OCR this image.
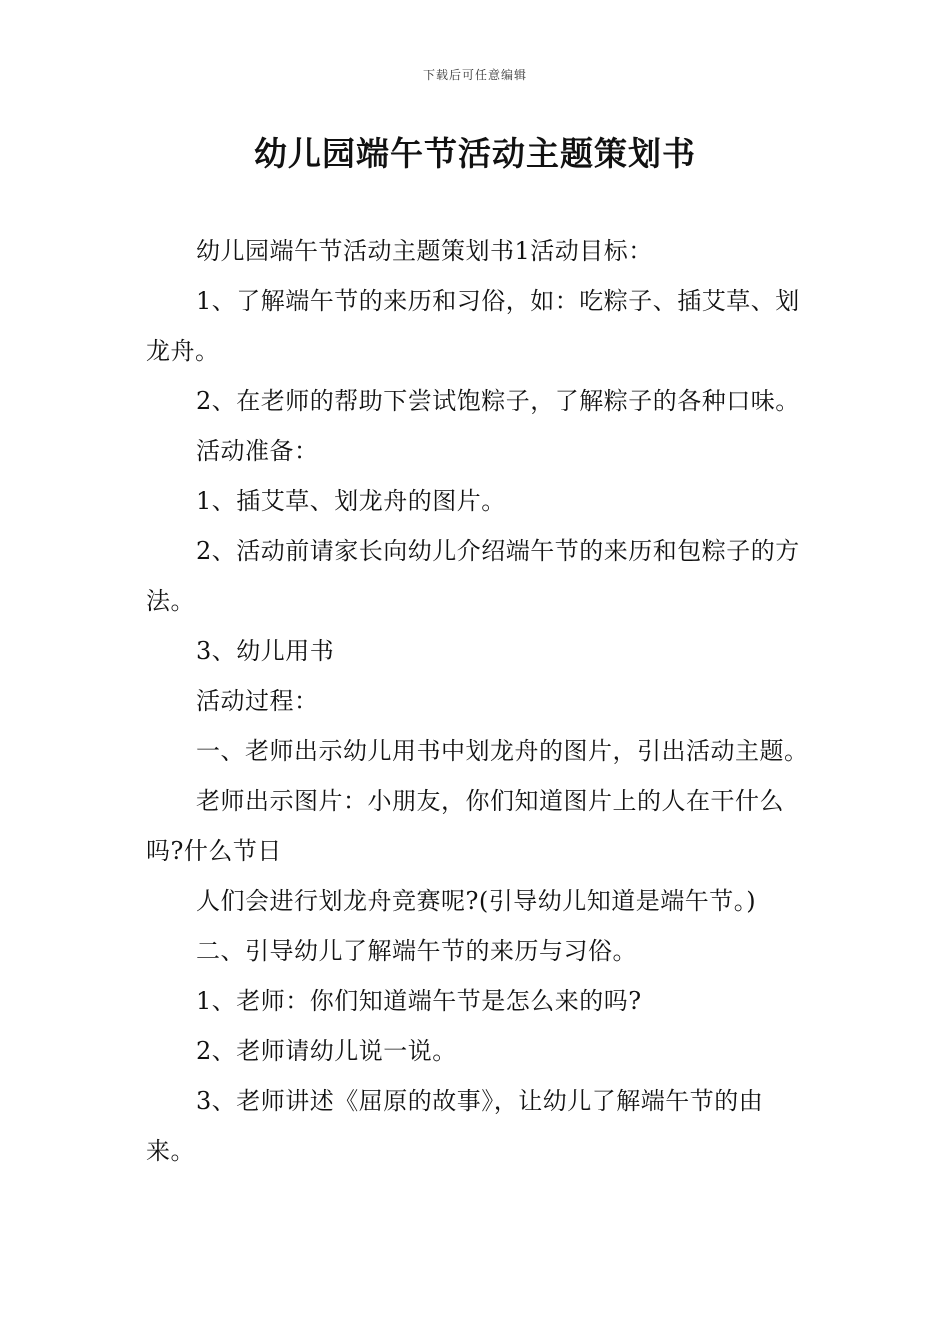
下载后可任意编辑
幼儿园端午节活动主题策划书

幼儿园端午节活动主题策划书1活动目标：

1、了解端午节的来历和习俗，如：吃粽子、插艾草、划龙舟。

2、在老师的帮助下尝试饱粽子，了解粽子的各种口味。

活动准备：

1、插艾草、划龙舟的图片。

2、活动前请家长向幼儿介绍端午节的来历和包粽子的方法。

3、幼儿用书

活动过程：

一、老师出示幼儿用书中划龙舟的图片，引出活动主题。

老师出示图片：小朋友，你们知道图片上的人在干什么吗?什么节日

人们会进行划龙舟竞赛呢?(引导幼儿知道是端午节。)

二、引导幼儿了解端午节的来历与习俗。

1、老师：你们知道端午节是怎么来的吗?

2、老师请幼儿说一说。

3、老师讲述《屈原的故事》，让幼儿了解端午节的由来。
